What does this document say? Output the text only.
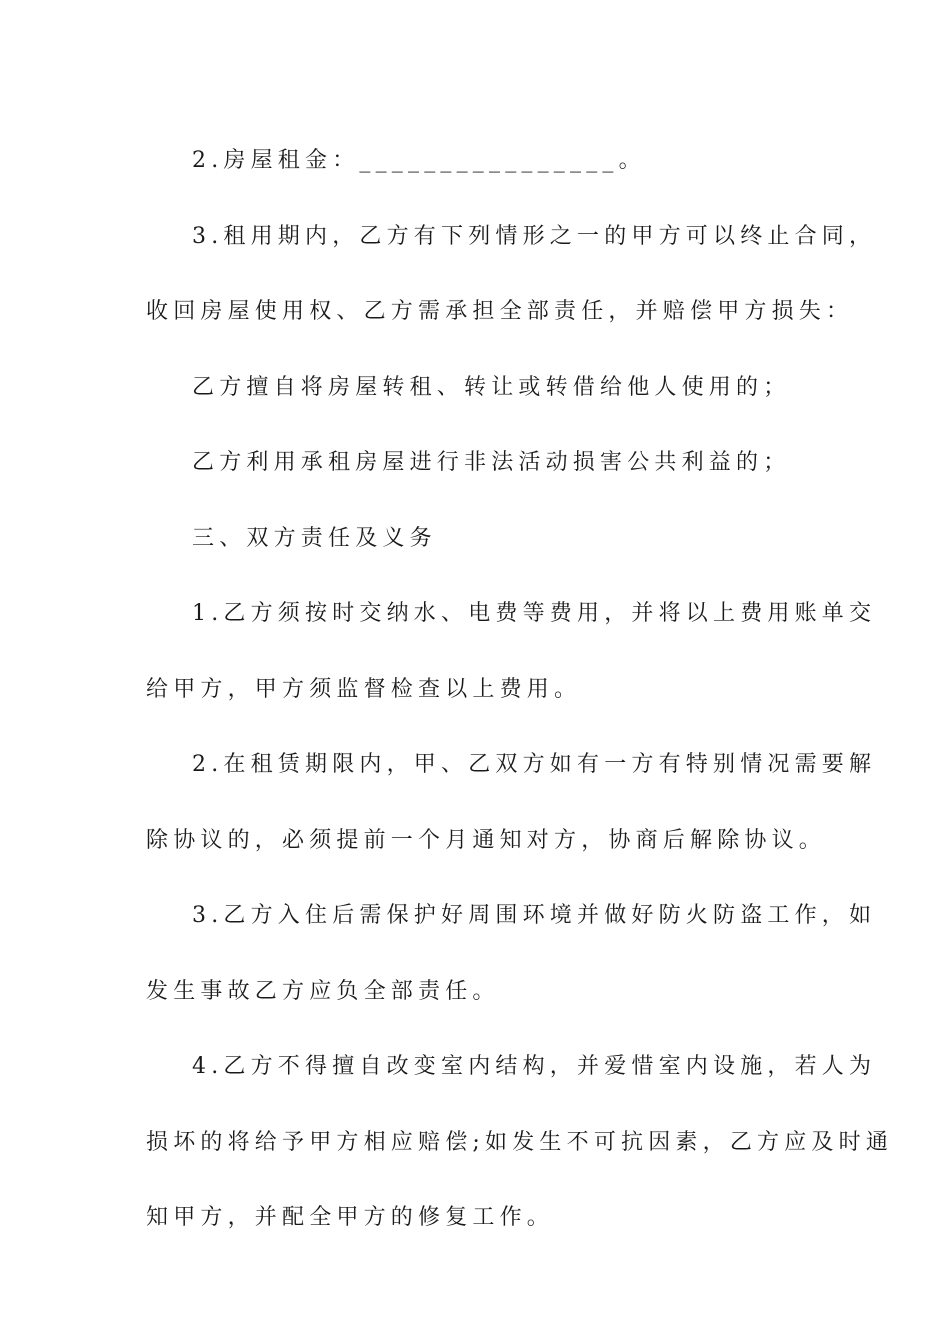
2.房屋租金：________________。
3.租用期内，乙方有下列情形之一的甲方可以终止合同，
收回房屋使用权、乙方需承担全部责任，并赔偿甲方损失：
乙方擅自将房屋转租、转让或转借给他人使用的；
乙方利用承租房屋进行非法活动损害公共利益的；
三、双方责任及义务
1.乙方须按时交纳水、电费等费用，并将以上费用账单交
给甲方，甲方须监督检查以上费用。
2.在租赁期限内，甲、乙双方如有一方有特别情况需要解
除协议的，必须提前一个月通知对方，协商后解除协议。
3.乙方入住后需保护好周围环境并做好防火防盗工作，如
发生事故乙方应负全部责任。
4.乙方不得擅自改变室内结构，并爱惜室内设施，若人为
损坏的将给予甲方相应赔偿;如发生不可抗因素，乙方应及时通
知甲方，并配全甲方的修复工作。
